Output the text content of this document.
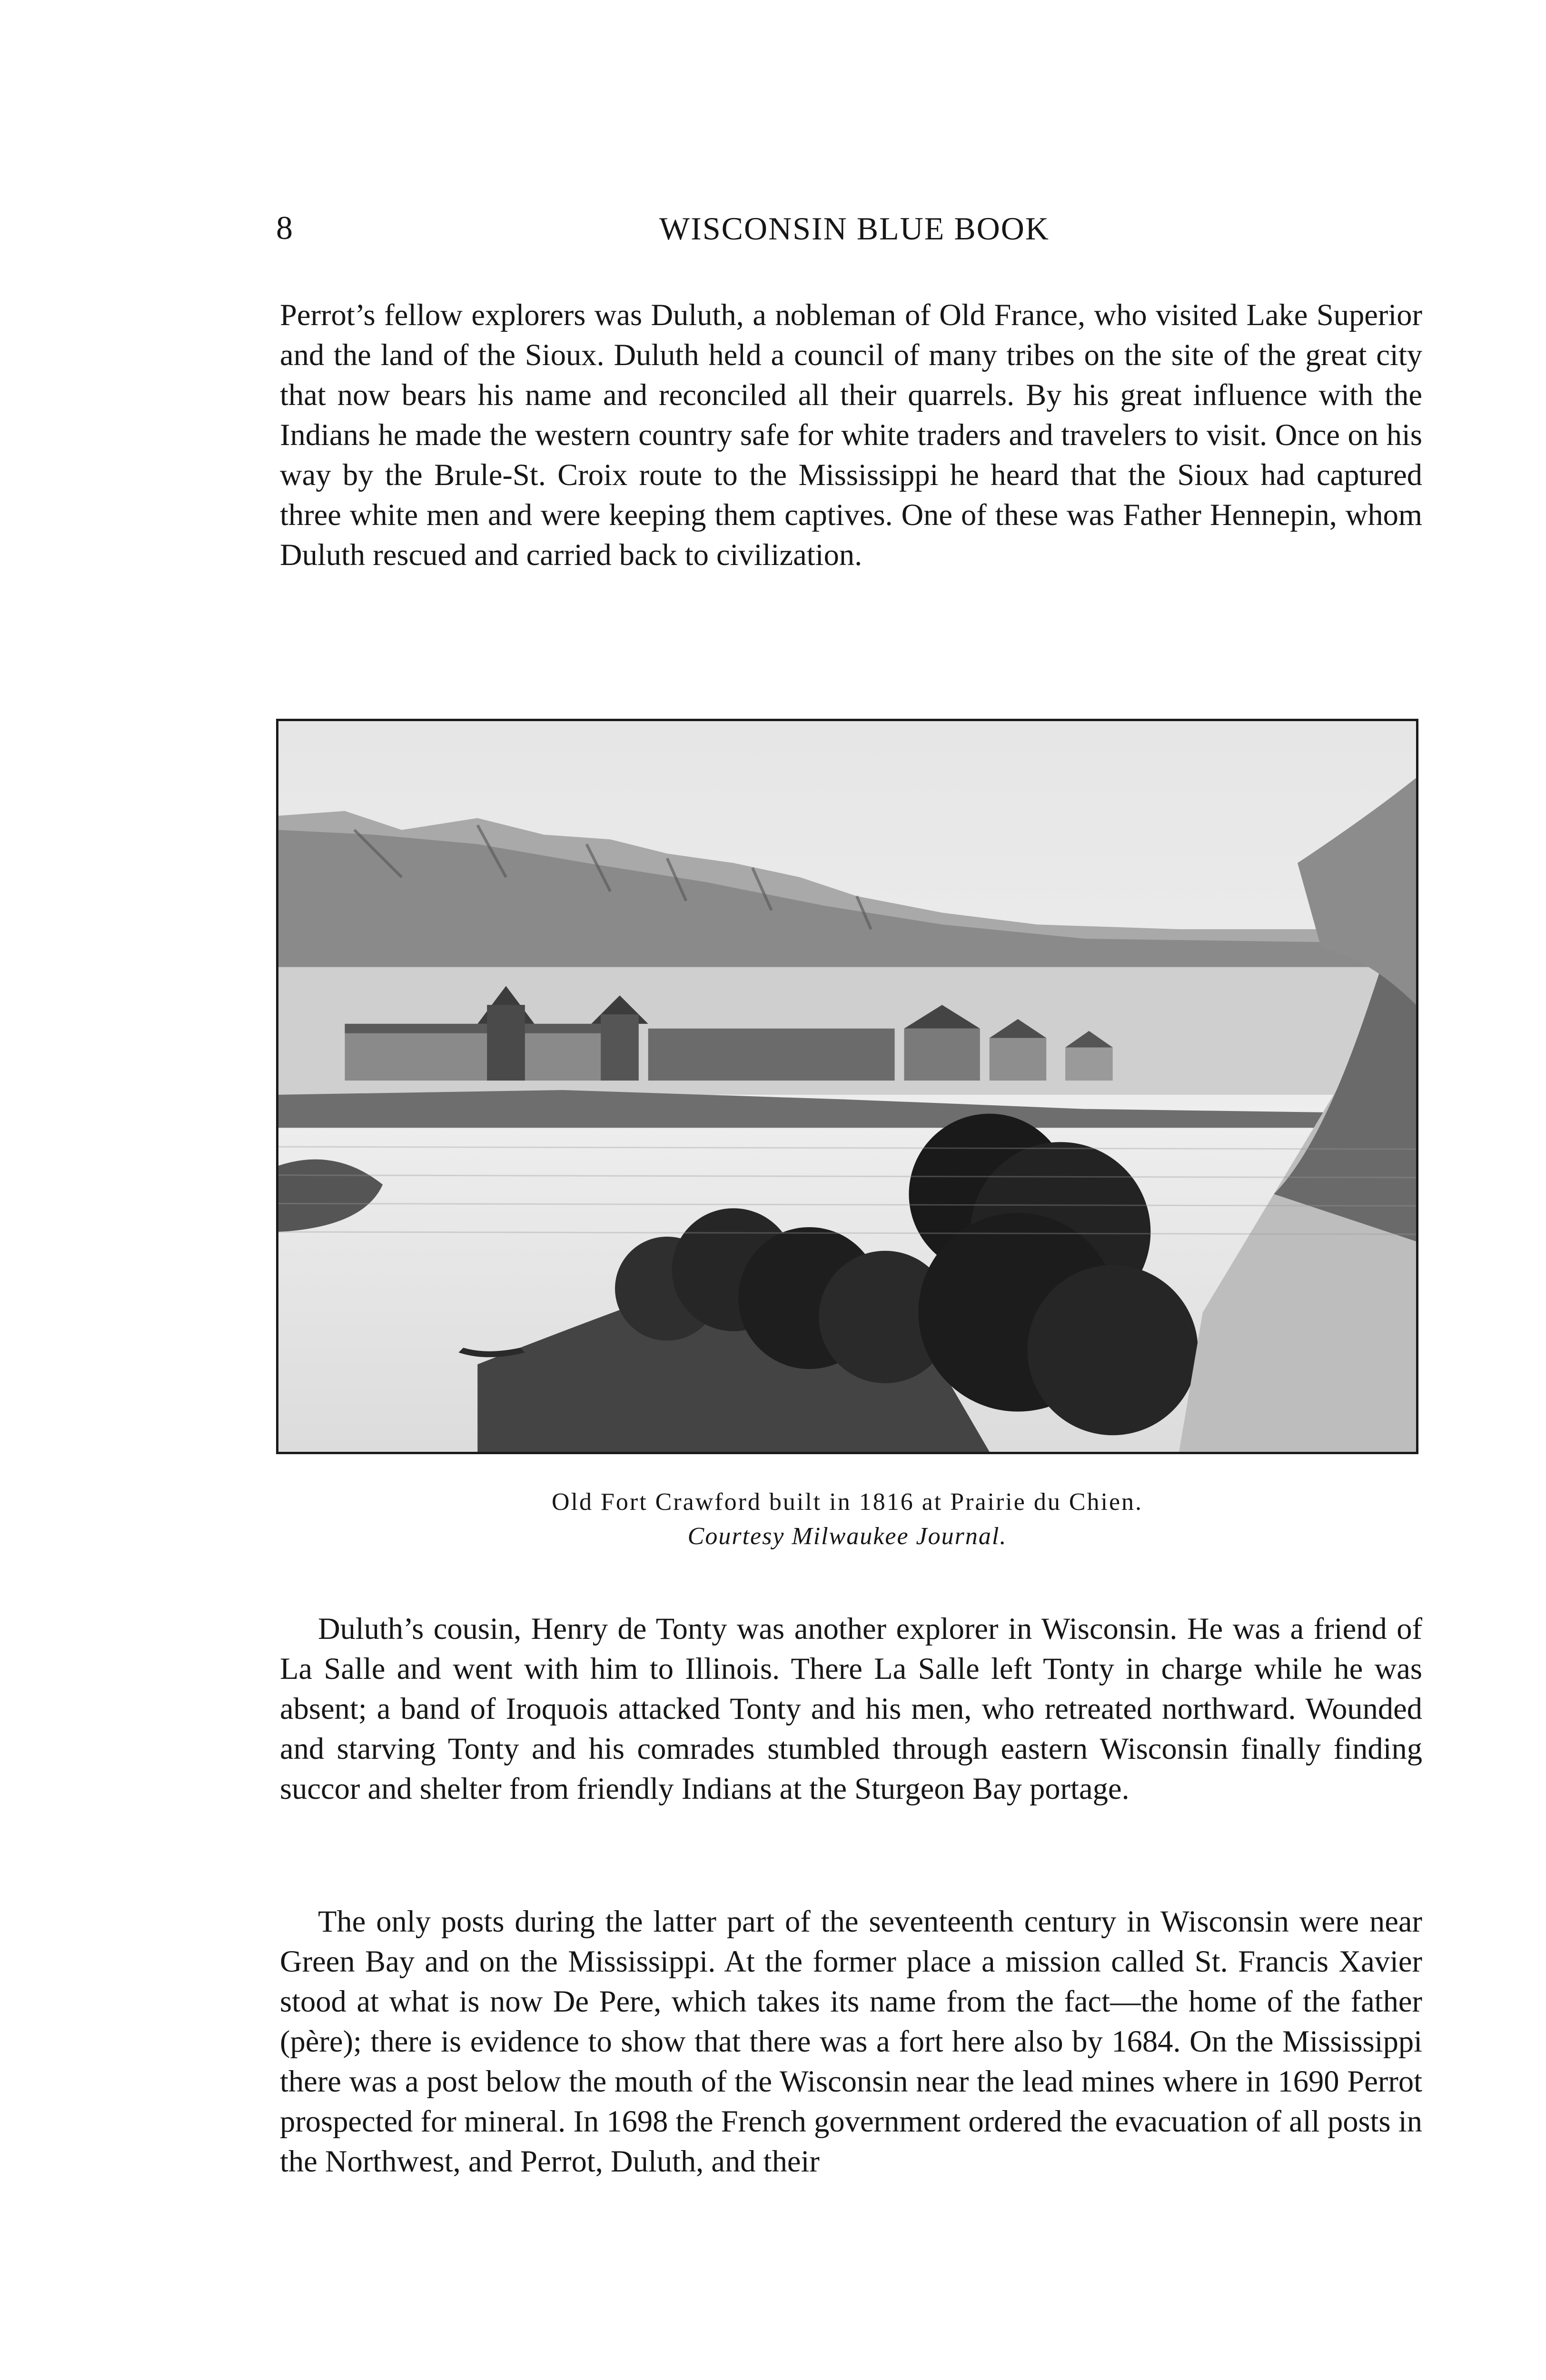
8	WISCONSIN BLUE BOOK

Perrot’s fellow explorers was Duluth, a nobleman of Old France, who visited Lake Superior and the land of the Sioux. Duluth held a council of many tribes on the site of the great city that now bears his name and reconciled all their quarrels. By his great influence with the Indians he made the western country safe for white traders and travelers to visit. Once on his way by the Brule-St. Croix route to the Mississippi he heard that the Sioux had captured three white men and were keeping them captives. One of these was Father Hennepin, whom Duluth rescued and carried back to civilization.

Old Fort Crawford built in 1816 at Prairie du Chien.
Courtesy Milwaukee Journal.

Duluth’s cousin, Henry de Tonty was another explorer in Wisconsin. He was a friend of La Salle and went with him to Illinois. There La Salle left Tonty in charge while he was absent; a band of Iroquois attacked Tonty and his men, who retreated northward. Wounded and starving Tonty and his comrades stumbled through eastern Wisconsin finally finding succor and shelter from friendly Indians at the Sturgeon Bay portage.

The only posts during the latter part of the seventeenth century in Wisconsin were near Green Bay and on the Mississippi. At the former place a mission called St. Francis Xavier stood at what is now De Pere, which takes its name from the fact—the home of the father (père); there is evidence to show that there was a fort here also by 1684. On the Mississippi there was a post below the mouth of the Wisconsin near the lead mines where in 1690 Perrot prospected for mineral. In 1698 the French government ordered the evacuation of all posts in the Northwest, and Perrot, Duluth, and their
